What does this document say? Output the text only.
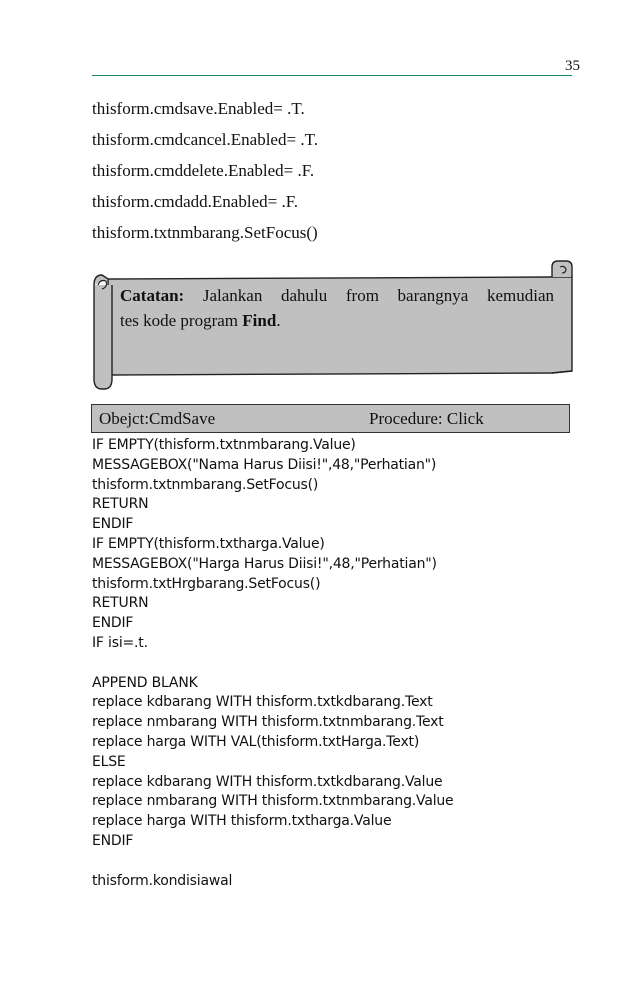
35
thisform.cmdsave.Enabled= .T.
thisform.cmdcancel.Enabled= .T.
thisform.cmddelete.Enabled= .F.
thisform.cmdadd.Enabled= .F.
thisform.txtnmbarang.SetFocus()
Catatan: Jalankan dahulu from barangnya kemudian
tes kode program Find.
Obejct:CmdSave	Procedure: Click
IF EMPTY(thisform.txtnmbarang.Value)
MESSAGEBOX("Nama Harus Diisi!",48,"Perhatian")
thisform.txtnmbarang.SetFocus()
RETURN
ENDIF
IF EMPTY(thisform.txtharga.Value)
MESSAGEBOX("Harga Harus Diisi!",48,"Perhatian")
thisform.txtHrgbarang.SetFocus()
RETURN
ENDIF
IF isi=.t.
APPEND BLANK
replace kdbarang WITH thisform.txtkdbarang.Text
replace nmbarang WITH thisform.txtnmbarang.Text
replace harga WITH VAL(thisform.txtHarga.Text)
ELSE
replace kdbarang WITH thisform.txtkdbarang.Value
replace nmbarang WITH thisform.txtnmbarang.Value
replace harga WITH thisform.txtharga.Value
ENDIF
thisform.kondisiawal
